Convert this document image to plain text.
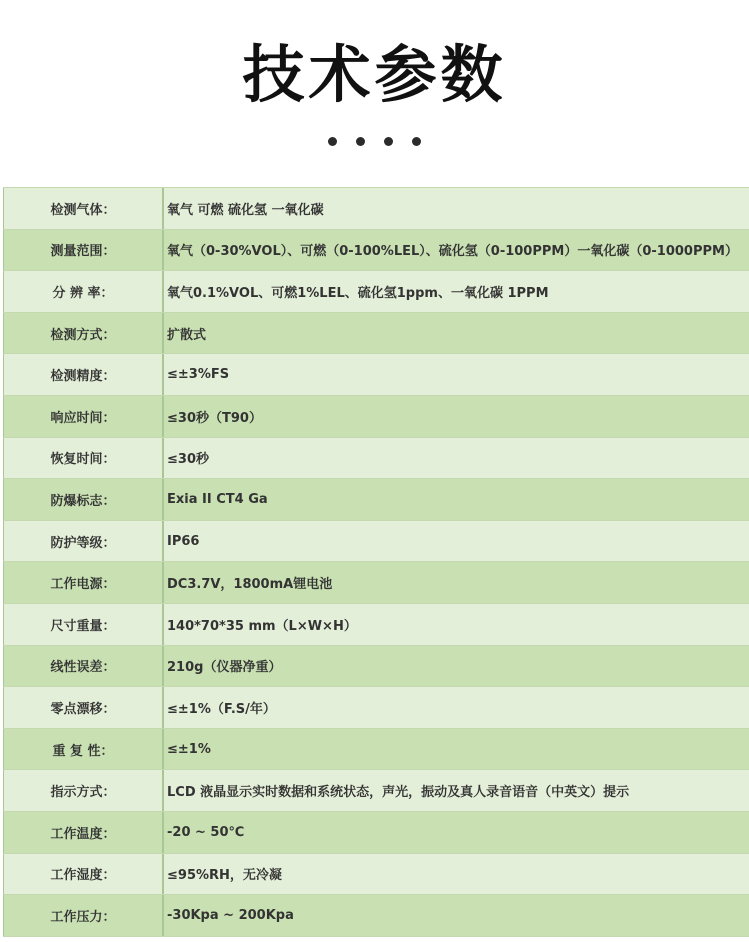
技术参数
检测气体：	氧气 可燃 硫化氢 一氧化碳
测量范围：	氧气（0-30%VOL）、可燃（0-100%LEL）、硫化氢（0-100PPM）一氧化碳（0-1000PPM）
分 辨 率：	氧气0.1%VOL、可燃1%LEL、硫化氢1ppm、一氧化碳 1PPM
检测方式：	扩散式
检测精度：	≤±3%FS
响应时间：	≤30秒（T90）
恢复时间：	≤30秒
防爆标志：	Exia II CT4 Ga
防护等级：	IP66
工作电源：	DC3.7V，1800mA锂电池
尺寸重量：	140*70*35 mm（L×W×H）
线性误差：	210g（仪器净重）
零点漂移：	≤±1%（F.S/年）
重 复 性：	≤±1%
指示方式：	LCD 液晶显示实时数据和系统状态，声光，振动及真人录音语音（中英文）提示
工作温度：	-20 ~ 50℃
工作湿度：	≤95%RH，无冷凝
工作压力：	-30Kpa ~ 200Kpa
